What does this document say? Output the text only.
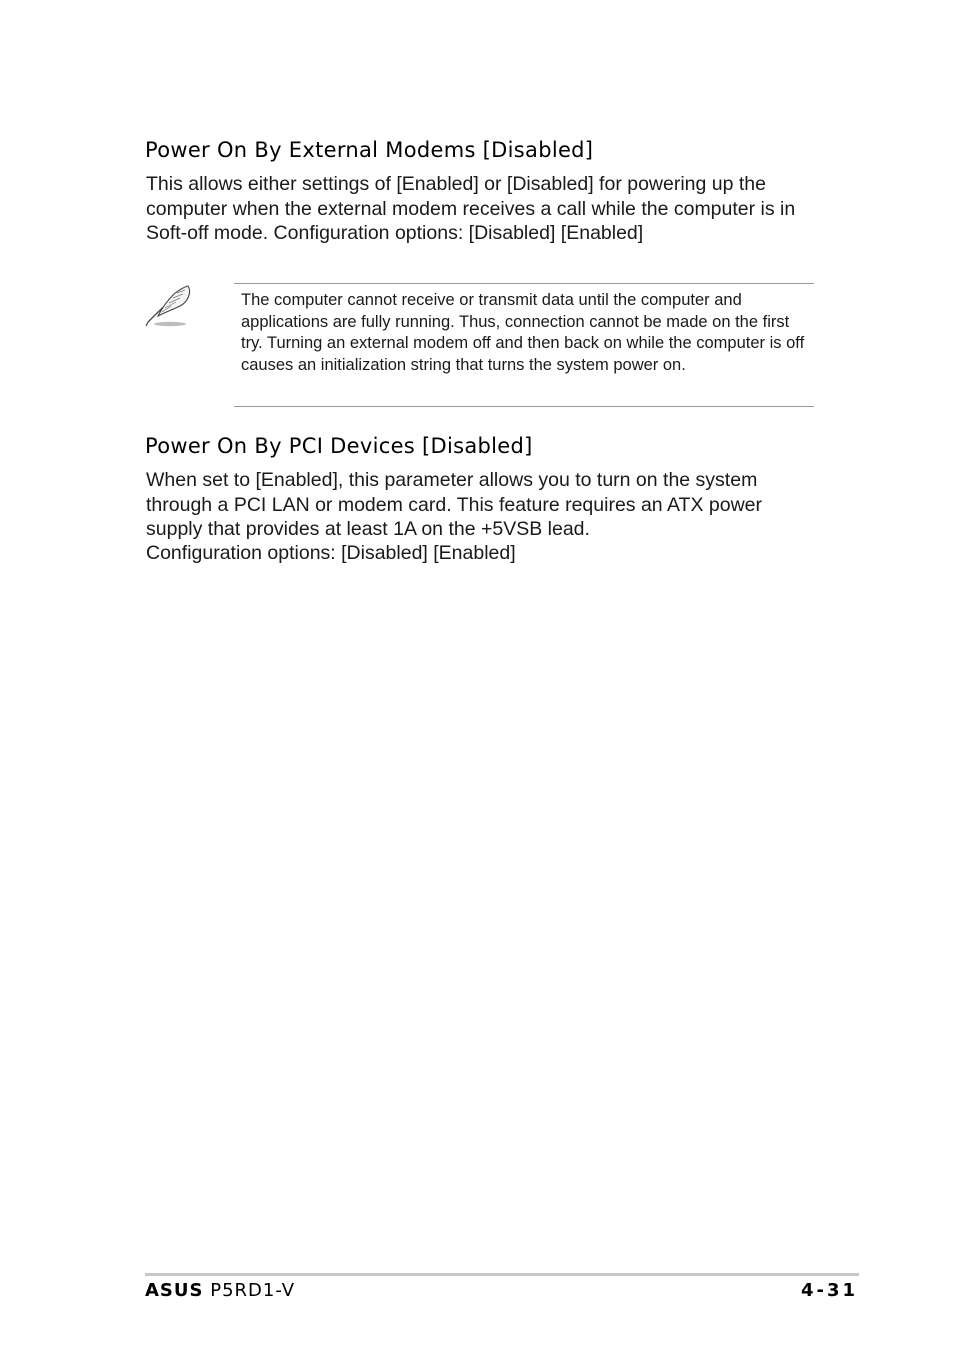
Power On By External Modems [Disabled]

This allows either settings of [Enabled] or [Disabled] for powering up the computer when the external modem receives a call while the computer is in Soft-off mode. Configuration options: [Disabled] [Enabled]

The computer cannot receive or transmit data until the computer and applications are fully running. Thus, connection cannot be made on the first try. Turning an external modem off and then back on while the computer is off causes an initialization string that turns the system power on.

Power On By PCI Devices [Disabled]

When set to [Enabled], this parameter allows you to turn on the system through a PCI LAN or modem card. This feature requires an ATX power supply that provides at least 1A on the +5VSB lead.

Configuration options: [Disabled] [Enabled]

ASUS P5RD1-V	4-31
